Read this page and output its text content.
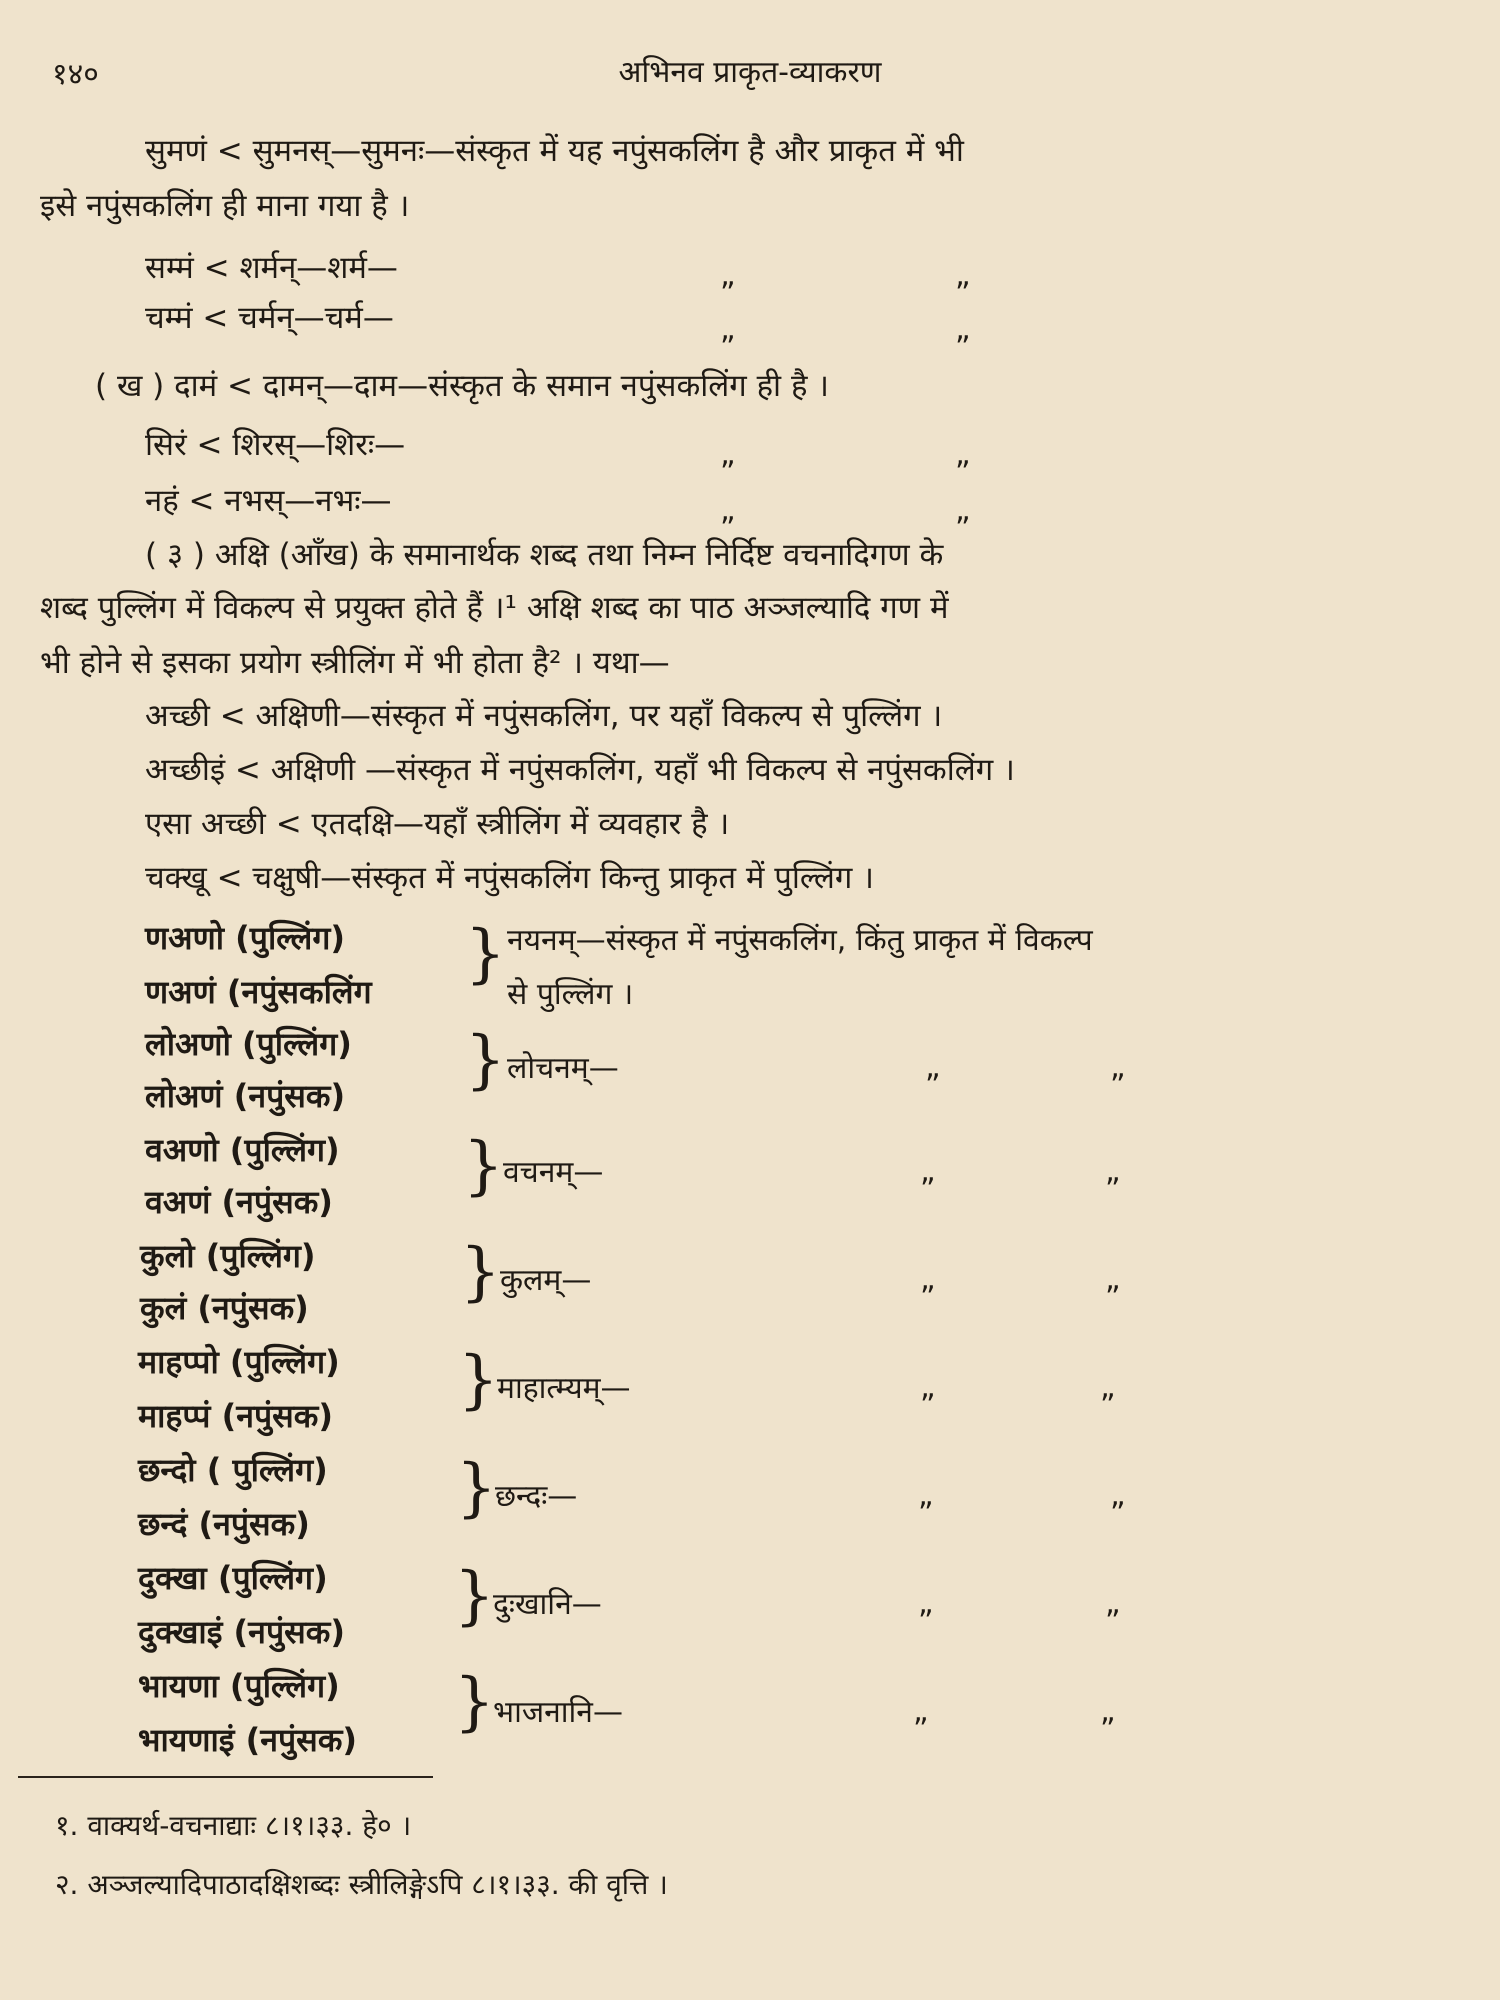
१४०	अभिनव प्राकृत-व्याकरण
सुमणं < सुमनस्—सुमनः—संस्कृत में यह नपुंसकलिंग है और प्राकृत में भी
इसे नपुंसकलिंग ही माना गया है ।
सम्मं < शर्मन्—शर्म—	„	„
चम्मं < चर्मन्—चर्म—	„	„
( ख ) दामं < दामन्—दाम—संस्कृत के समान नपुंसकलिंग ही है ।
सिरं < शिरस्—शिरः—	„	„
नहं < नभस्—नभः—	„	„
( ३ ) अक्षि (आँख) के समानार्थक शब्द तथा निम्न निर्दिष्ट वचनादिगण के
शब्द पुल्लिंग में विकल्प से प्रयुक्त होते हैं ।¹ अक्षि शब्द का पाठ अञ्जल्यादि गण में
भी होने से इसका प्रयोग स्त्रीलिंग में भी होता है² । यथा—
अच्छी < अक्षिणी—संस्कृत में नपुंसकलिंग, पर यहाँ विकल्प से पुल्लिंग ।
अच्छीइं < अक्षिणी —संस्कृत में नपुंसकलिंग, यहाँ भी विकल्प से नपुंसकलिंग ।
एसा अच्छी < एतदक्षि—यहाँ स्त्रीलिंग में व्यवहार है ।
चक्खू < चक्षुषी—संस्कृत में नपुंसकलिंग किन्तु प्राकृत में पुल्लिंग ।
णअणो (पुल्लिंग)
णअणं (नपुंसकलिंग
} नयनम्—संस्कृत में नपुंसकलिंग, किंतु प्राकृत में विकल्प
से पुल्लिंग ।
लोअणो (पुल्लिंग)
लोअणं (नपुंसक) } लोचनम्—	„	„
वअणो (पुल्लिंग)
वअणं (नपुंसक) } वचनम्—	„	„
कुलो (पुल्लिंग)
कुलं (नपुंसक) } कुलम्—	„	„
माहप्पो (पुल्लिंग)
माहप्पं (नपुंसक) }
माहात्म्यम्—	„	„
छन्दो ( पुल्लिंग)
छन्दं (नपुंसक) }
छन्दः—	„	„
दुक्खा (पुल्लिंग)
दुक्खाइं (नपुंसक) }
दुःखानि—	„	„
भायणा (पुल्लिंग)
भायणाइं (नपुंसक)
}
भाजनानि—	„	„
१. वाक्यर्थ-वचनाद्याः ८।१।३३. हे० ।
२. अञ्जल्यादिपाठादक्षिशब्दः स्त्रीलिङ्गेऽपि ८।१।३३. की वृत्ति ।
